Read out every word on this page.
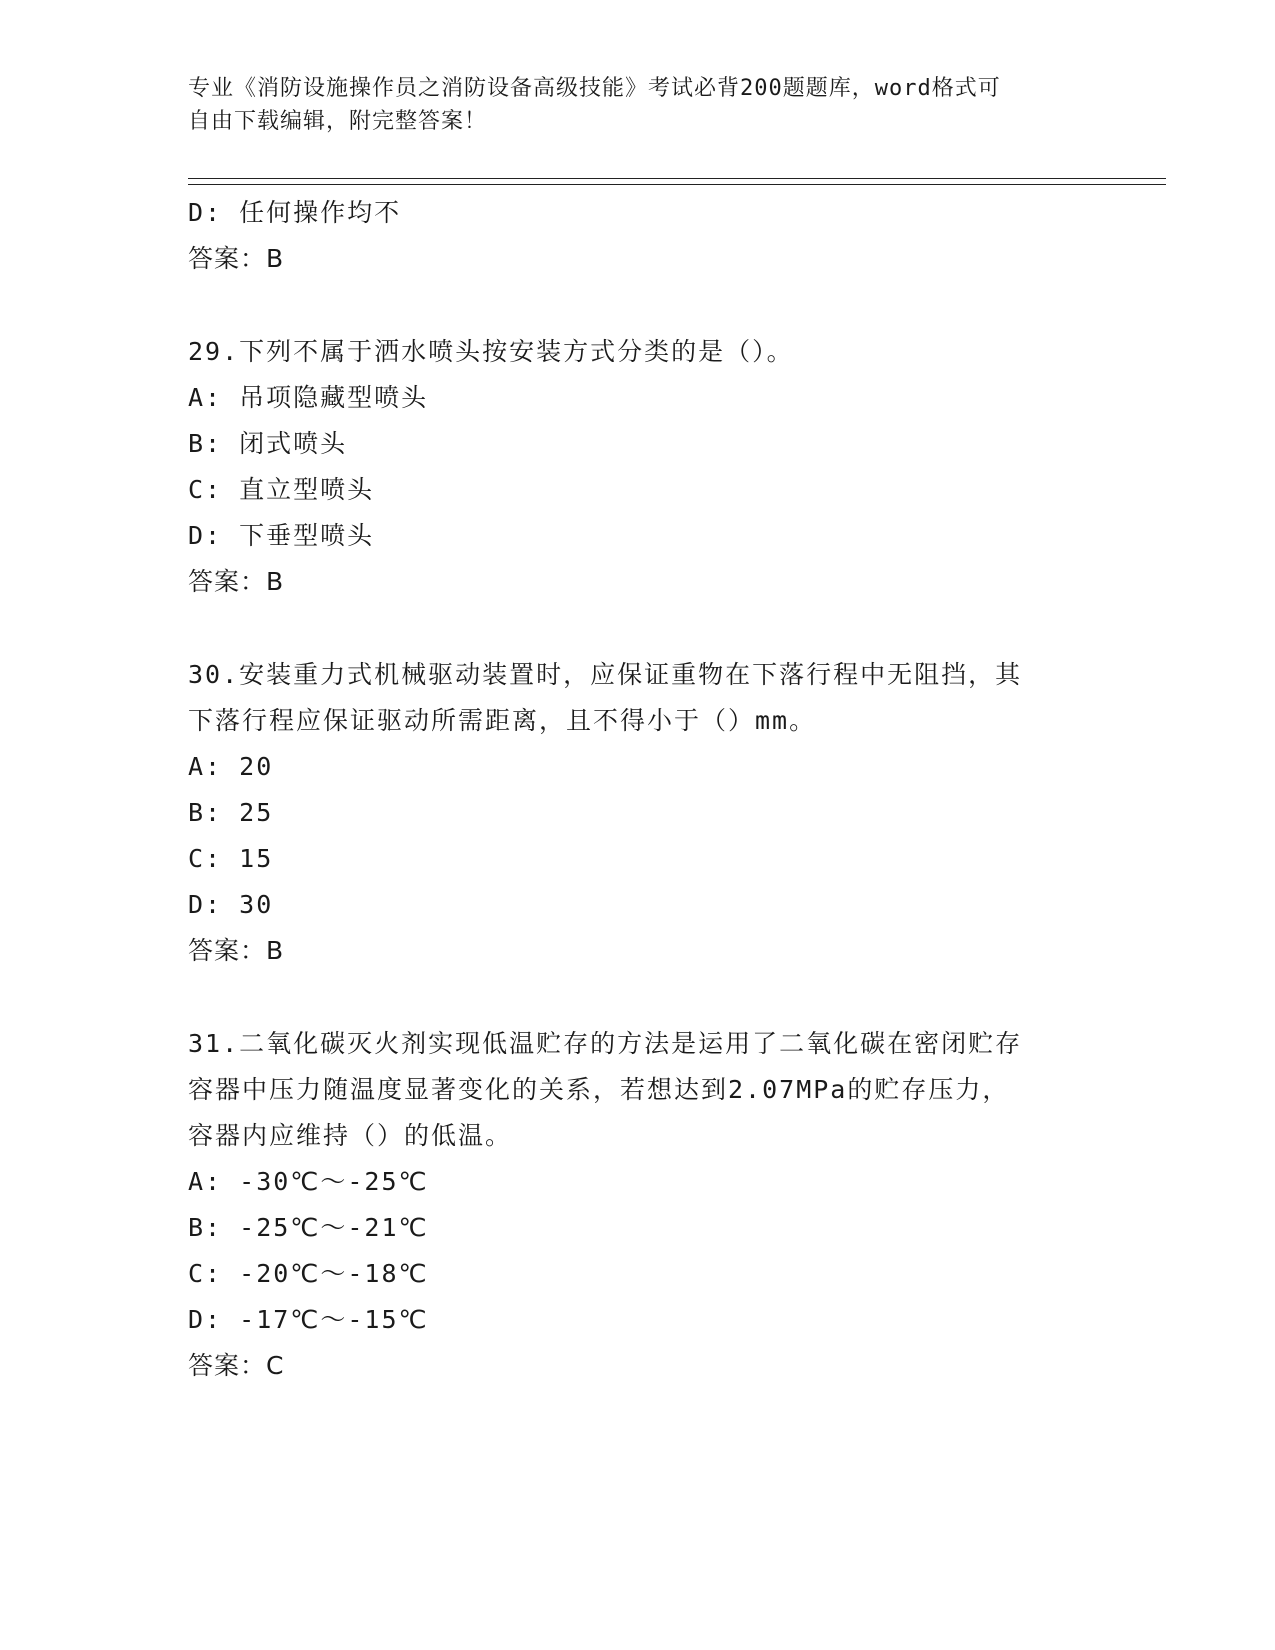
专业《消防设施操作员之消防设备高级技能》考试必背200题题库，word格式可
自由下载编辑，附完整答案！
D: 任何操作均不
答案：B
29.下列不属于洒水喷头按安装方式分类的是（）。
A: 吊项隐藏型喷头
B: 闭式喷头
C: 直立型喷头
D: 下垂型喷头
答案：B
30.安装重力式机械驱动装置时，应保证重物在下落行程中无阻挡，其
下落行程应保证驱动所需距离，且不得小于（）mm。
A: 20
B: 25
C: 15
D: 30
答案：B
31.二氧化碳灭火剂实现低温贮存的方法是运用了二氧化碳在密闭贮存
容器中压力随温度显著变化的关系，若想达到2.07MPa的贮存压力，
容器内应维持（）的低温。
A: -30℃～-25℃
B: -25℃～-21℃
C: -20℃～-18℃
D: -17℃～-15℃
答案：C
